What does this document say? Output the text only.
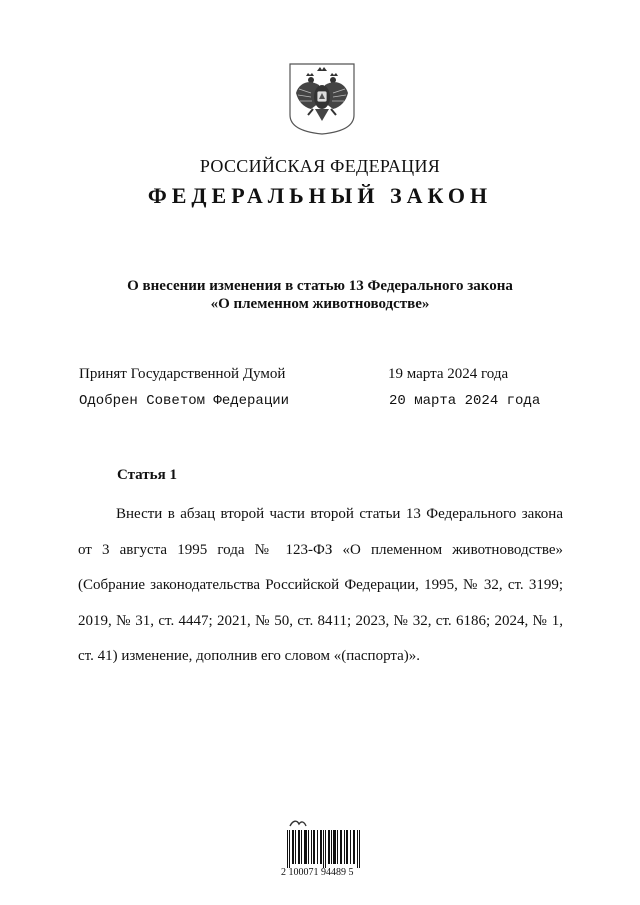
РОССИЙСКАЯ ФЕДЕРАЦИЯ
ФЕДЕРАЛЬНЫЙ ЗАКОН
О внесении изменения в статью 13 Федерального закона
«О племенном животноводстве»
Принят Государственной Думой	19 марта 2024 года
Одобрен Советом Федерации	20 марта 2024 года
Статья 1
Внести в абзац второй части второй статьи 13 Федерального закона от 3 августа 1995 года № 123-ФЗ «О племенном животноводстве» (Собрание законодательства Российской Федерации, 1995, № 32, ст. 3199; 2019, № 31, ст. 4447; 2021, № 50, ст. 8411; 2023, № 32, ст. 6186; 2024, № 1, ст. 41) изменение, дополнив его словом «(паспорта)».
2 100071 94489 5
